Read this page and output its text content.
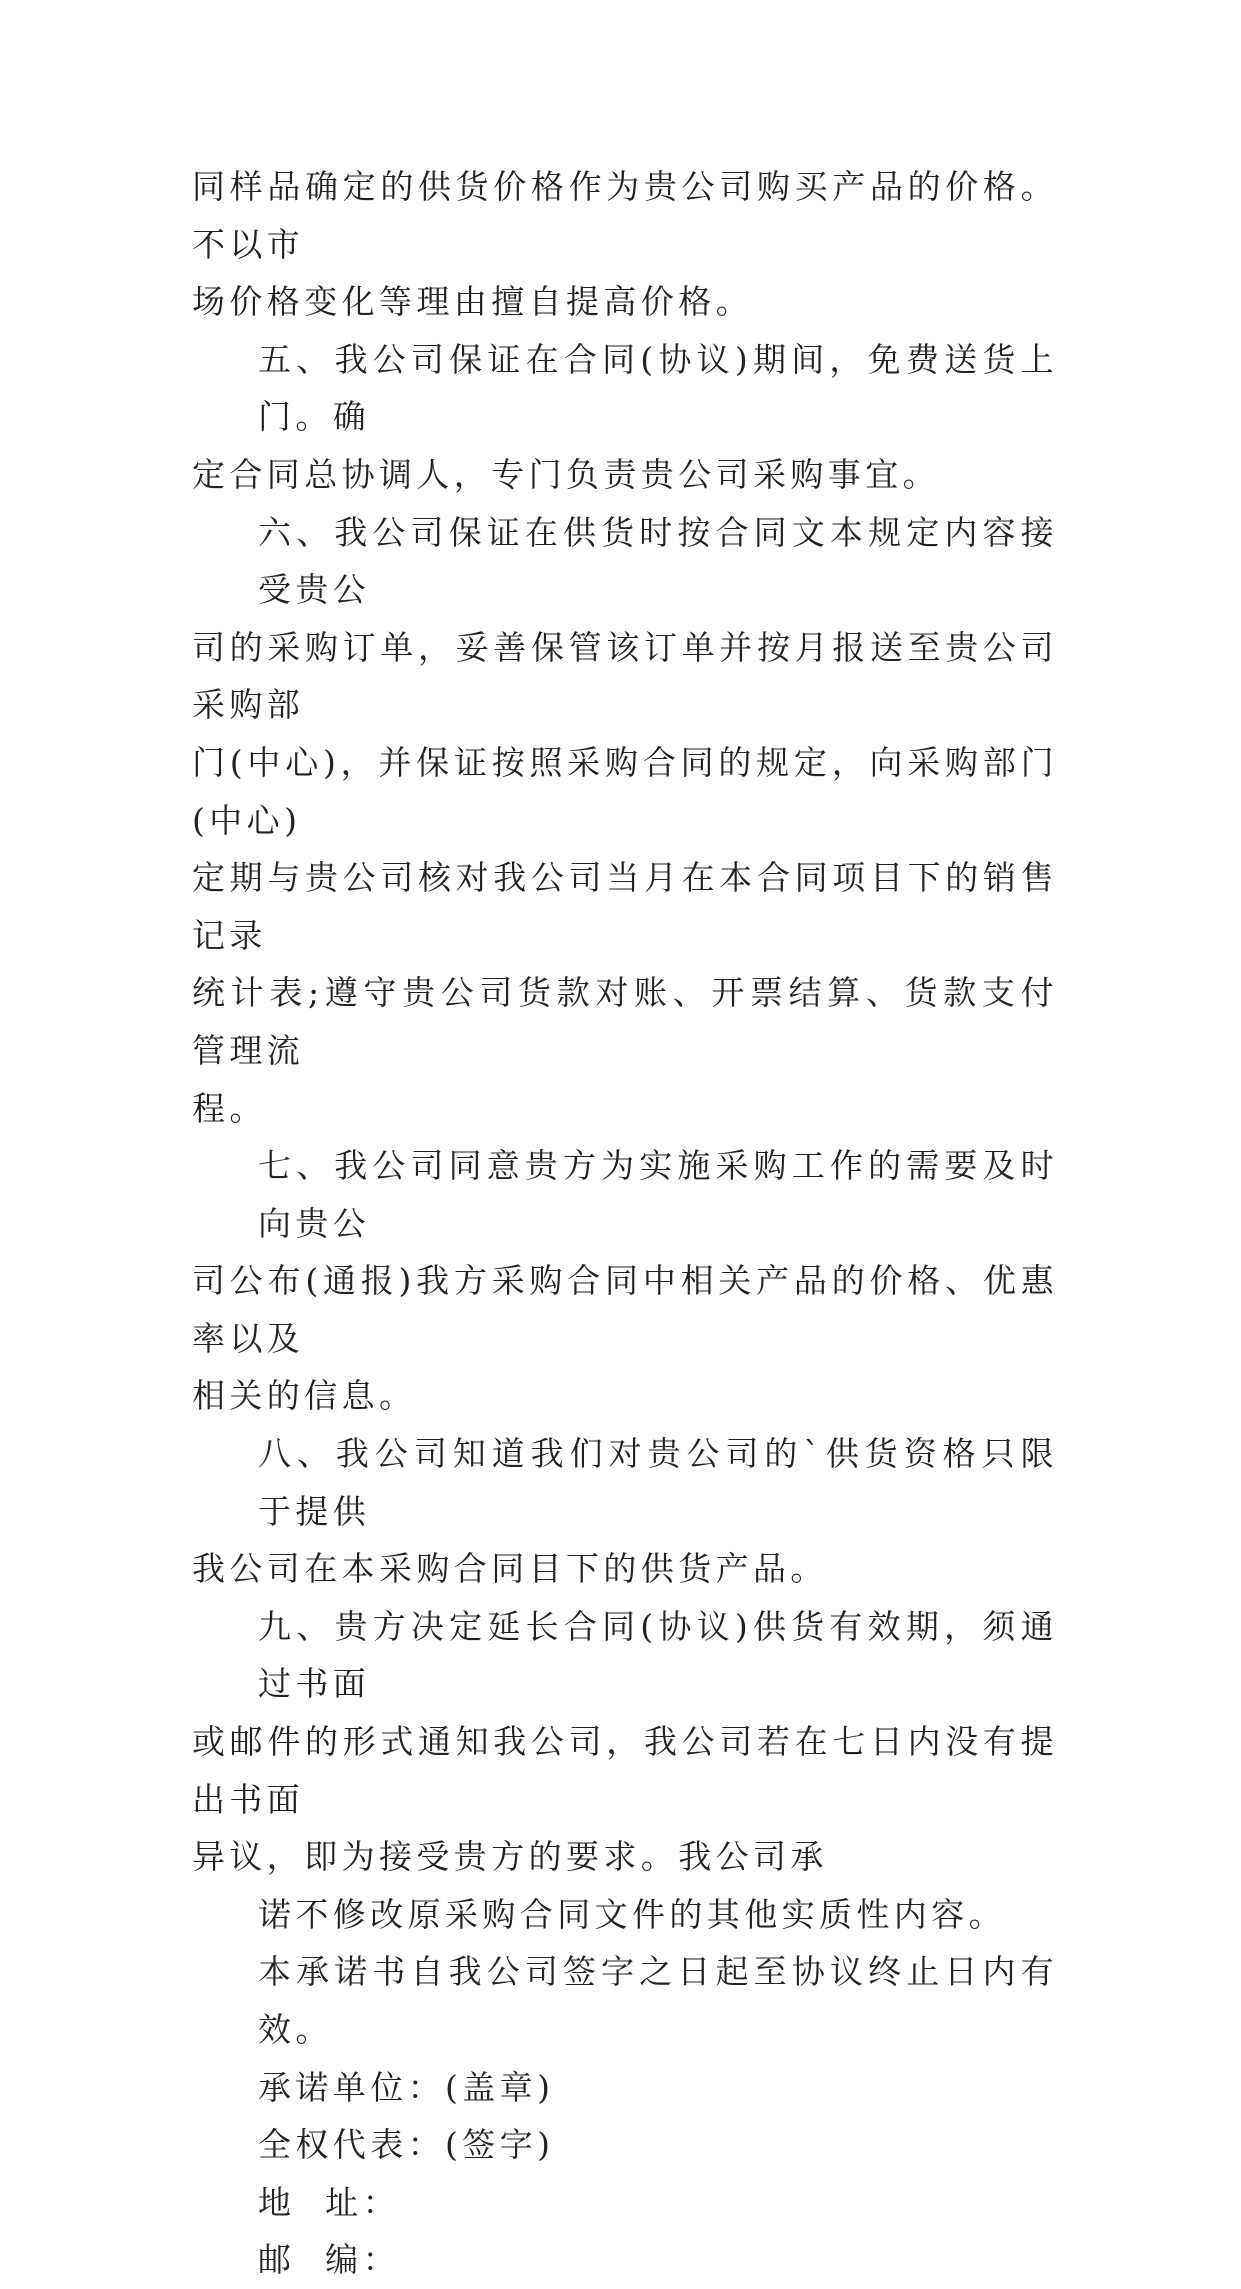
同样品确定的供货价格作为贵公司购买产品的价格。不以市
场价格变化等理由擅自提高价格。
五、我公司保证在合同(协议)期间，免费送货上门。确
定合同总协调人，专门负责贵公司采购事宜。
六、我公司保证在供货时按合同文本规定内容接受贵公
司的采购订单，妥善保管该订单并按月报送至贵公司采购部
门(中心)，并保证按照采购合同的规定，向采购部门(中心)
定期与贵公司核对我公司当月在本合同项目下的销售记录
统计表;遵守贵公司货款对账、开票结算、货款支付管理流
程。
七、我公司同意贵方为实施采购工作的需要及时向贵公
司公布(通报)我方采购合同中相关产品的价格、优惠率以及
相关的信息。
八、我公司知道我们对贵公司的`供货资格只限于提供
我公司在本采购合同目下的供货产品。
九、贵方决定延长合同(协议)供货有效期，须通过书面
或邮件的形式通知我公司，我公司若在七日内没有提出书面
异议，即为接受贵方的要求。我公司承
诺不修改原采购合同文件的其他实质性内容。
本承诺书自我公司签字之日起至协议终止日内有效。
承诺单位：(盖章)
全权代表：(签字)
地  址：
邮  编：
